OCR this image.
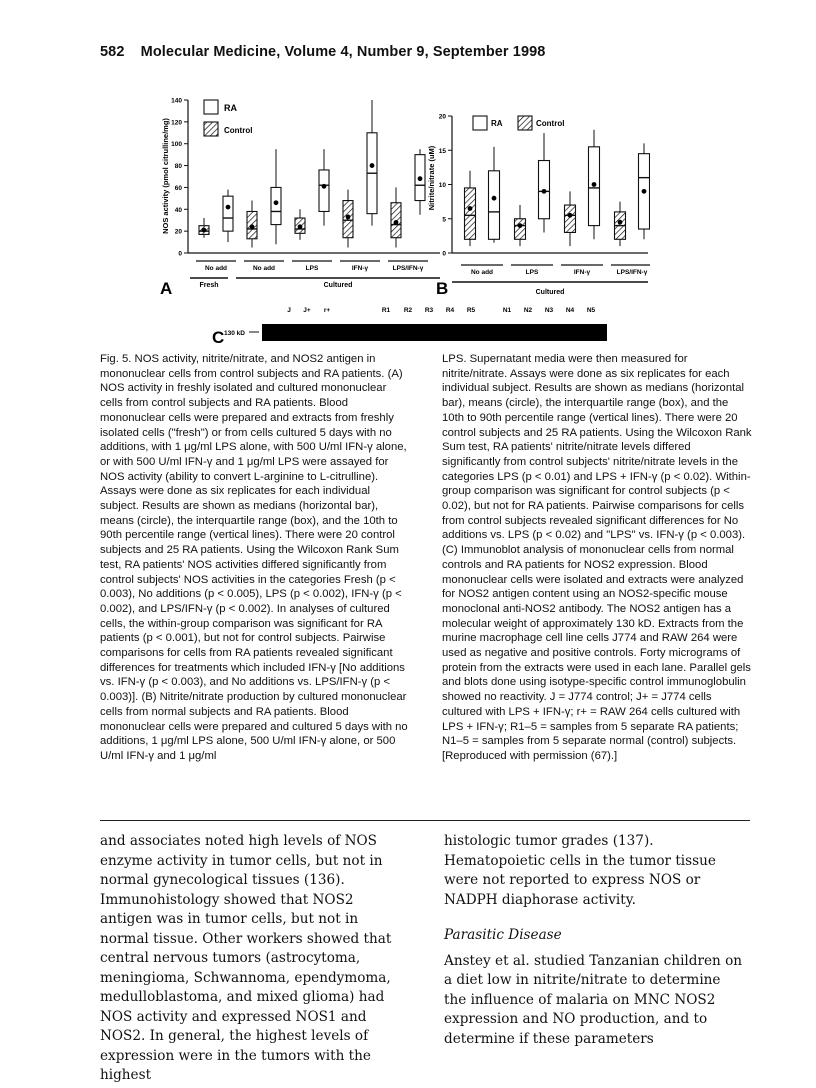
582 Molecular Medicine, Volume 4, Number 9, September 1998
NOS activity (pmol citrulline/mg)
140
120
100
80
60
40
20
0
RA
Control
No add	No add	LPS	IFN-γ	LPS/IFN-γ
Fresh	Cultured
A
Nitrite/nitrate (uM)
20
15
10
5
0
RA	Control
No add	LPS	IFN-γ	LPS/IFN-γ
Cultured
B
J J+ r+	R1 R2 R3 R4 R5	N1 N2 N3 N4 N5
C 130 kD

Fig. 5. NOS activity, nitrite/nitrate, and NOS2 antigen in mononuclear cells from control subjects and RA patients. (A) NOS activity in freshly isolated and cultured mononuclear cells from control subjects and RA patients. Blood mononuclear cells were prepared and extracts from freshly isolated cells ("fresh") or from cells cultured 5 days with no additions, with 1 μg/ml LPS alone, with 500 U/ml IFN-γ alone, or with 500 U/ml IFN-γ and 1 μg/ml LPS were assayed for NOS activity (ability to convert L-arginine to L-citrulline). Assays were done as six replicates for each individual subject. Results are shown as medians (horizontal bar), means (circle), the interquartile range (box), and the 10th to 90th percentile range (vertical lines). There were 20 control subjects and 25 RA patients. Using the Wilcoxon Rank Sum test, RA patients' NOS activities differed significantly from control subjects' NOS activities in the categories Fresh (p < 0.003), No additions (p < 0.005), LPS (p < 0.002), IFN-γ (p < 0.002), and LPS/IFN-γ (p < 0.002). In analyses of cultured cells, the within-group comparison was significant for RA patients (p < 0.001), but not for control subjects. Pairwise comparisons for cells from RA patients revealed significant differences for treatments which included IFN-γ [No additions vs. IFN-γ (p < 0.003), and No additions vs. LPS/IFN-γ (p < 0.003)]. (B) Nitrite/nitrate production by cultured mononuclear cells from normal subjects and RA patients. Blood mononuclear cells were prepared and cultured 5 days with no additions, 1 μg/ml LPS alone, 500 U/ml IFN-γ alone, or 500 U/ml IFN-γ and 1 μg/ml

LPS. Supernatant media were then measured for nitrite/nitrate. Assays were done as six replicates for each individual subject. Results are shown as medians (horizontal bar), means (circle), the interquartile range (box), and the 10th to 90th percentile range (vertical lines). There were 20 control subjects and 25 RA patients. Using the Wilcoxon Rank Sum test, RA patients' nitrite/nitrate levels differed significantly from control subjects' nitrite/nitrate levels in the categories LPS (p < 0.01) and LPS + IFN-γ (p < 0.02). Within-group comparison was significant for control subjects (p < 0.02), but not for RA patients. Pairwise comparisons for cells from control subjects revealed significant differences for No additions vs. LPS (p < 0.02) and "LPS" vs. IFN-γ (p < 0.003). (C) Immunoblot analysis of mononuclear cells from normal controls and RA patients for NOS2 expression. Blood mononuclear cells were isolated and extracts were analyzed for NOS2 antigen content using an NOS2-specific mouse monoclonal anti-NOS2 antibody. The NOS2 antigen has a molecular weight of approximately 130 kD. Extracts from the murine macrophage cell line cells J774 and RAW 264 were used as negative and positive controls. Forty micrograms of protein from the extracts were used in each lane. Parallel gels and blots done using isotype-specific control immunoglobulin showed no reactivity. J = J774 control; J+ = J774 cells cultured with LPS + IFN-γ; r+ = RAW 264 cells cultured with LPS + IFN-γ; R1–5 = samples from 5 separate RA patients; N1–5 = samples from 5 separate normal (control) subjects. [Reproduced with permission (67).]

and associates noted high levels of NOS enzyme activity in tumor cells, but not in normal gynecological tissues (136). Immunohistology showed that NOS2 antigen was in tumor cells, but not in normal tissue. Other workers showed that central nervous tumors (astrocytoma, meningioma, Schwannoma, ependymoma, medulloblastoma, and mixed glioma) had NOS activity and expressed NOS1 and NOS2. In general, the highest levels of expression were in the tumors with the highest

histologic tumor grades (137). Hematopoietic cells in the tumor tissue were not reported to express NOS or NADPH diaphorase activity.

Parasitic Disease

Anstey et al. studied Tanzanian children on a diet low in nitrite/nitrate to determine the influence of malaria on MNC NOS2 expression and NO production, and to determine if these parameters
